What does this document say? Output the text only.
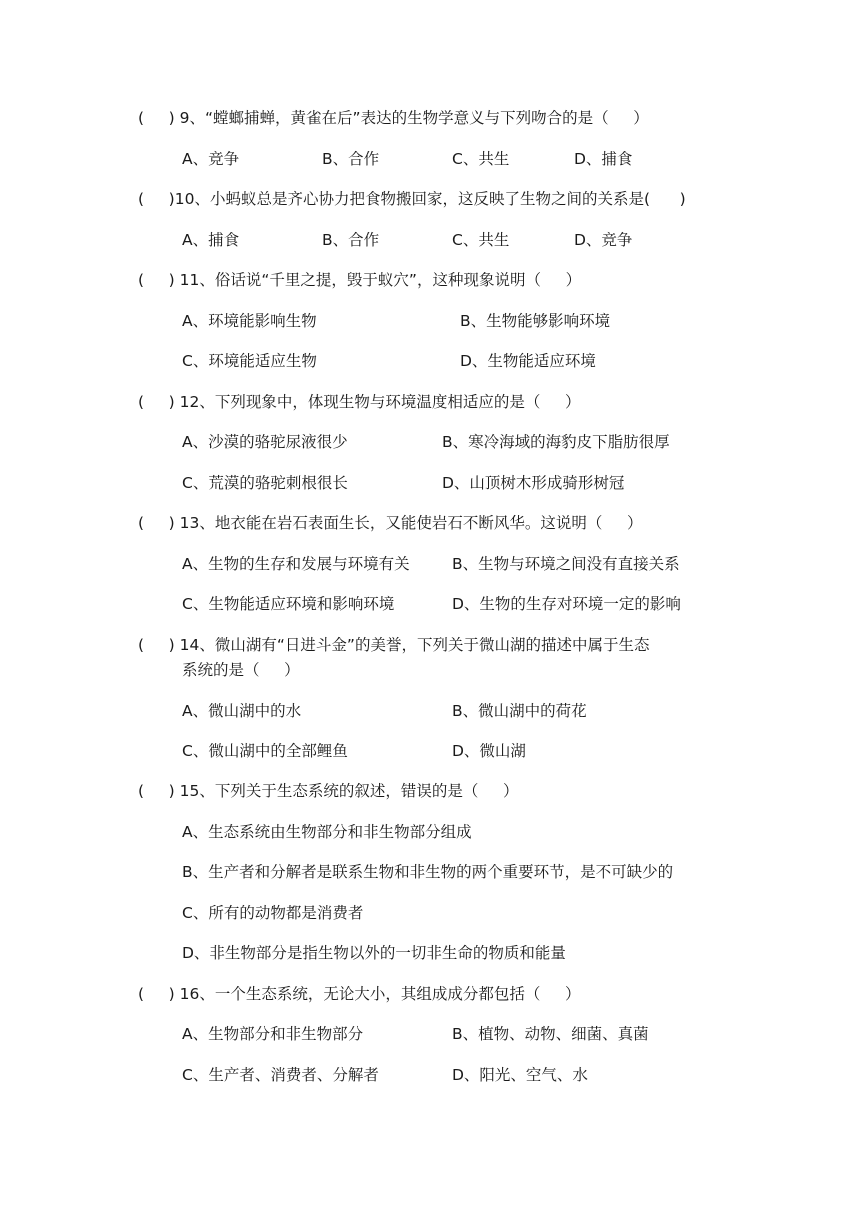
(     ) 9、“螳螂捕蝉，黄雀在后”表达的生物学意义与下列吻合的是（     ）
A、竞争	B、合作	C、共生	D、捕食
(     )10、小蚂蚁总是齐心协力把食物搬回家，这反映了生物之间的关系是(      )
A、捕食	B、合作	C、共生	D、竞争
(     ) 11、俗话说“千里之提，毁于蚁穴”，这种现象说明（     ）
A、环境能影响生物	B、生物能够影响环境
C、环境能适应生物	D、生物能适应环境
(     ) 12、下列现象中，体现生物与环境温度相适应的是（     ）
A、沙漠的骆驼尿液很少	B、寒冷海域的海豹皮下脂肪很厚
C、荒漠的骆驼刺根很长	D、山顶树木形成骑形树冠
(     ) 13、地衣能在岩石表面生长，又能使岩石不断风华。这说明（     ）
A、生物的生存和发展与环境有关	B、生物与环境之间没有直接关系
C、生物能适应环境和影响环境	D、生物的生存对环境一定的影响
(     ) 14、微山湖有“日进斗金”的美誉，下列关于微山湖的描述中属于生态
系统的是（     ）
A、微山湖中的水	B、微山湖中的荷花
C、微山湖中的全部鲤鱼	D、微山湖
(     ) 15、下列关于生态系统的叙述，错误的是（     ）
A、生态系统由生物部分和非生物部分组成
B、生产者和分解者是联系生物和非生物的两个重要环节，是不可缺少的
C、所有的动物都是消费者
D、非生物部分是指生物以外的一切非生命的物质和能量
(     ) 16、一个生态系统，无论大小，其组成成分都包括（     ）
A、生物部分和非生物部分	B、植物、动物、细菌、真菌
C、生产者、消费者、分解者	D、阳光、空气、水
